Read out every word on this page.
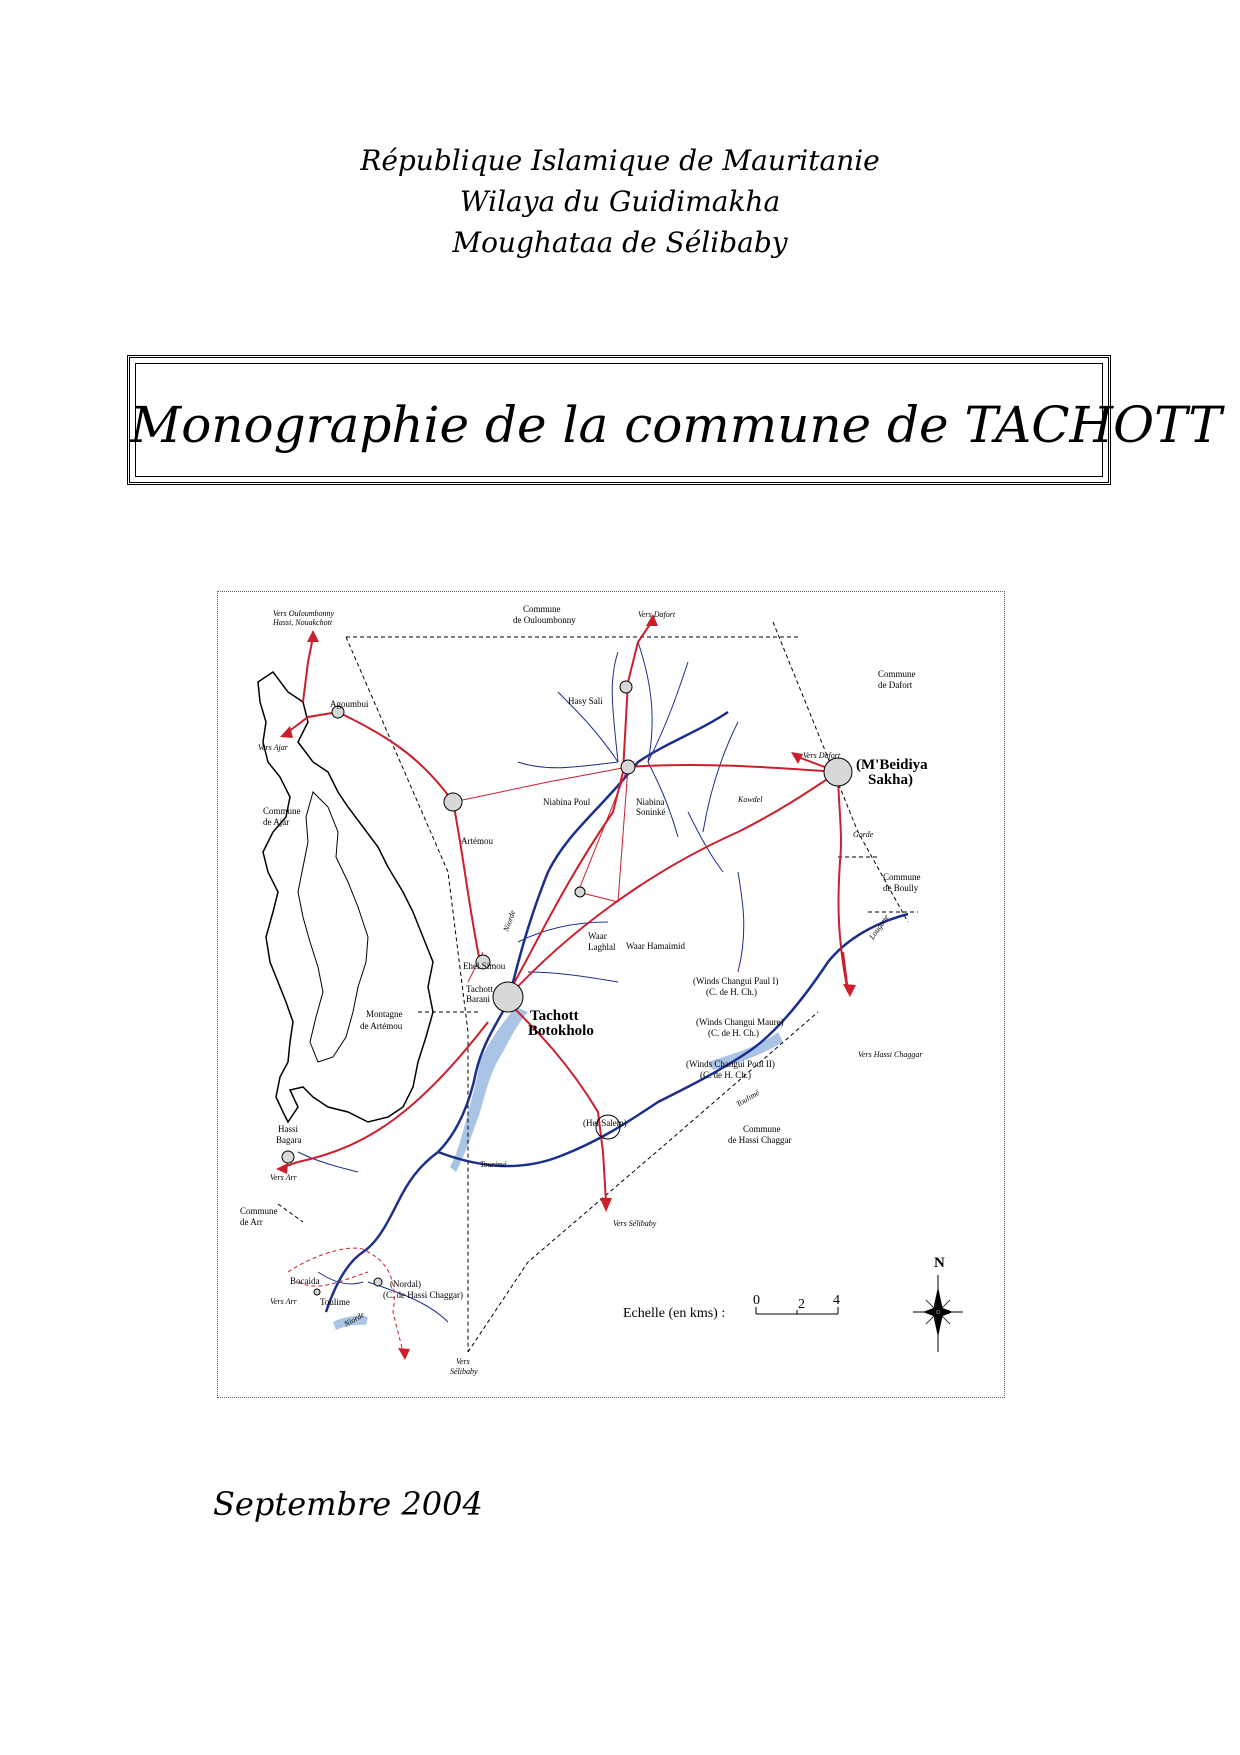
République Islamique de Mauritanie
Wilaya du Guidimakha
Moughataa de Sélibaby
Monographie de la commune de TACHOTT
Commune
de Ouloumbonny
Vers Ouloumbonny
Hassi, Nouakchott
Vers Dafort
Commune
de Dafort
Vers Ajar
Commune
de Ajar
Agoumbui	Hasy Sali
Vers Dafort
(M'Beidiya
Sakha)
Niabina Poul	Niabina
Soninké
Kowdel
Gorde
Artémou
Commune
de Boully
Waar
Laghlal Waar Hamaimid
Ehel Simou
(Winds Changui Paul I)
(C. de H. Ch.)
(Winds Changui Maure)
(C. de H. Ch.)
(Winds Changui Poul II)
(C. de H. Ch.)
Tachott
Barani
Tachott
Botokholo
Montagne
de Artémou
Vers Hassi Chaggar
Hassi
Bagara
Vers Arr
Commune
de Arr
(Hel Salem)
Commune
de Hassi Chaggar
Vers Sélibaby
Bocaida
Toulime
(Nordal)
(C. de Hassi Chaggar)
Vers Arr
Vers
Sélibaby
Niorde
Tourimé
Toulimé
Niorde
Lougane
Echelle (en kms) :
0	2 4
N
Septembre 2004
